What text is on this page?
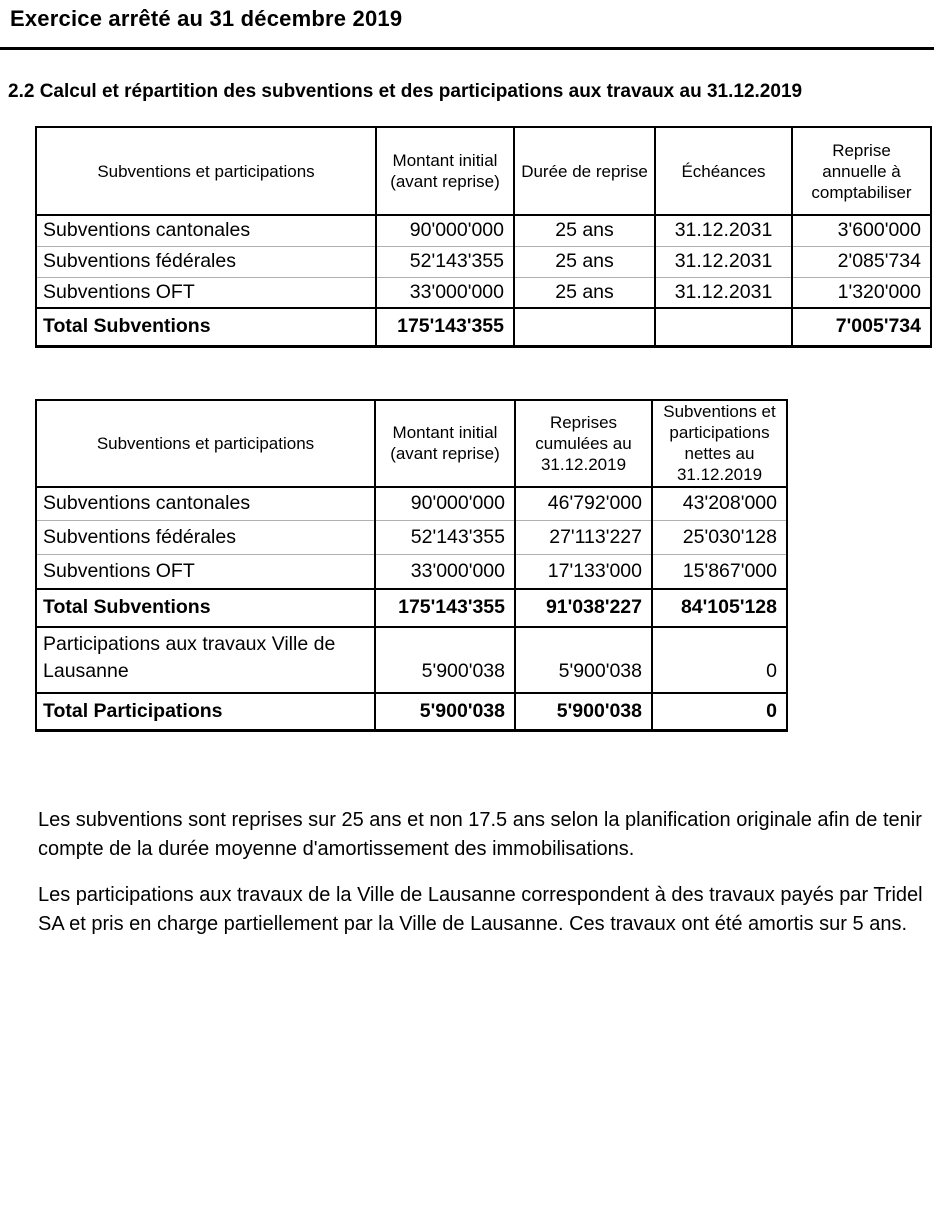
Exercice arrêté au 31 décembre 2019
2.2 Calcul et répartition des subventions et des participations aux travaux au 31.12.2019
Subventions et participations	Montant initial (avant reprise)	Durée de reprise	Échéances	Reprise annuelle à comptabiliser
Subventions cantonales	90'000'000	25 ans	31.12.2031	3'600'000
Subventions fédérales	52'143'355	25 ans	31.12.2031	2'085'734
Subventions OFT	33'000'000	25 ans	31.12.2031	1'320'000
Total Subventions	175'143'355			7'005'734
Subventions et participations	Montant initial (avant reprise)	Reprises cumulées au 31.12.2019	Subventions et participations nettes au 31.12.2019
Subventions cantonales	90'000'000	46'792'000	43'208'000
Subventions fédérales	52'143'355	27'113'227	25'030'128
Subventions OFT	33'000'000	17'133'000	15'867'000
Total Subventions	175'143'355	91'038'227	84'105'128
Participations aux travaux Ville de Lausanne	5'900'038	5'900'038	0
Total Participations	5'900'038	5'900'038	0

Les subventions sont reprises sur 25 ans et non 17.5 ans selon la planification originale afin de tenir compte de la durée moyenne d'amortissement des immobilisations.

Les participations aux travaux de la Ville de Lausanne correspondent à des travaux payés par Tridel SA et pris en charge partiellement par la Ville de Lausanne. Ces travaux ont été amortis sur 5 ans.
